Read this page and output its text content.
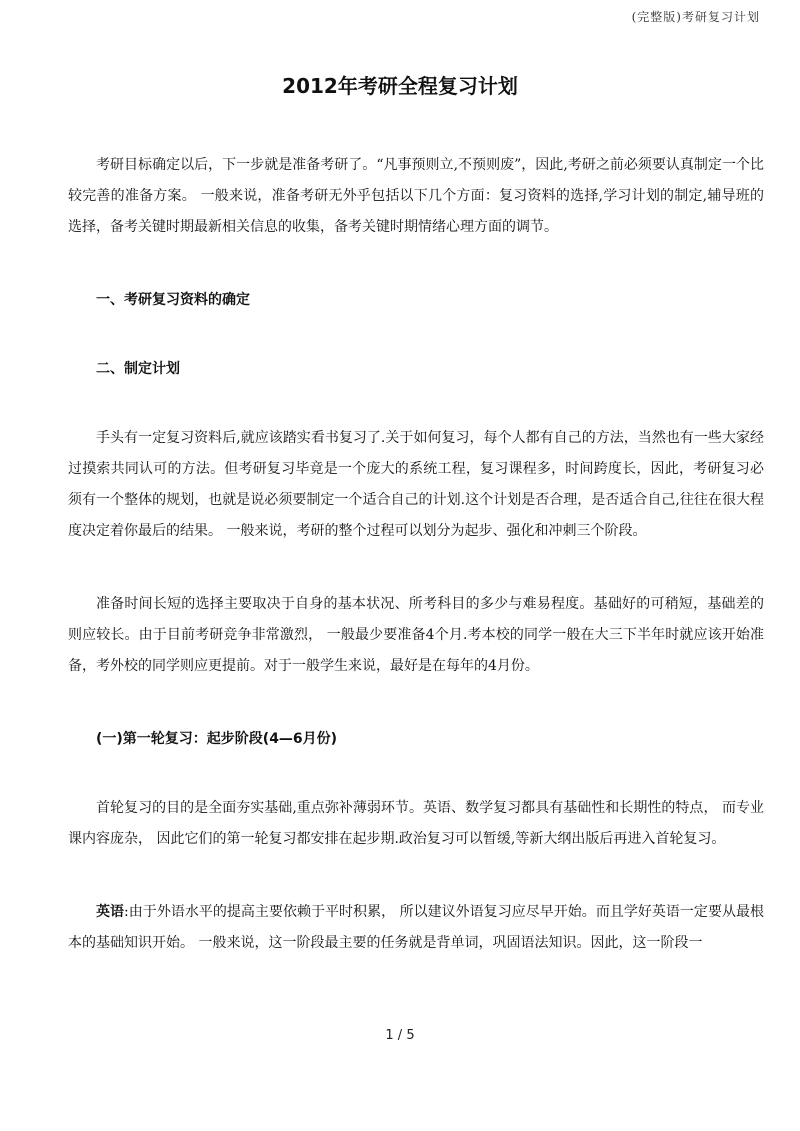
(完整版)考研复习计划
2012年考研全程复习计划

考研目标确定以后，下一步就是准备考研了。“凡事预则立,不预则废”，因此,考研之前必须要认真制定一个比较完善的准备方案。 一般来说，准备考研无外乎包括以下几个方面：复习资料的选择,学习计划的制定,辅导班的选择，备考关键时期最新相关信息的收集，备考关键时期情绪心理方面的调节。

一、考研复习资料的确定

二、制定计划

手头有一定复习资料后,就应该踏实看书复习了.关于如何复习，每个人都有自己的方法，当然也有一些大家经过摸索共同认可的方法。但考研复习毕竟是一个庞大的系统工程，复习课程多，时间跨度长，因此，考研复习必须有一个整体的规划，也就是说必须要制定一个适合自己的计划.这个计划是否合理，是否适合自己,往往在很大程度决定着你最后的结果。 一般来说，考研的整个过程可以划分为起步、强化和冲刺三个阶段。

准备时间长短的选择主要取决于自身的基本状况、所考科目的多少与难易程度。基础好的可稍短，基础差的则应较长。由于目前考研竞争非常激烈， 一般最少要准备4个月.考本校的同学一般在大三下半年时就应该开始准备，考外校的同学则应更提前。对于一般学生来说，最好是在每年的4月份。

(一)第一轮复习：起步阶段(4—6月份)

首轮复习的目的是全面夯实基础,重点弥补薄弱环节。英语、数学复习都具有基础性和长期性的特点， 而专业课内容庞杂， 因此它们的第一轮复习都安排在起步期.政治复习可以暂缓,等新大纲出版后再进入首轮复习。

英语:由于外语水平的提高主要依赖于平时积累， 所以建议外语复习应尽早开始。而且学好英语一定要从最根本的基础知识开始。 一般来说，这一阶段最主要的任务就是背单词，巩固语法知识。因此，这一阶段一

1 / 5
